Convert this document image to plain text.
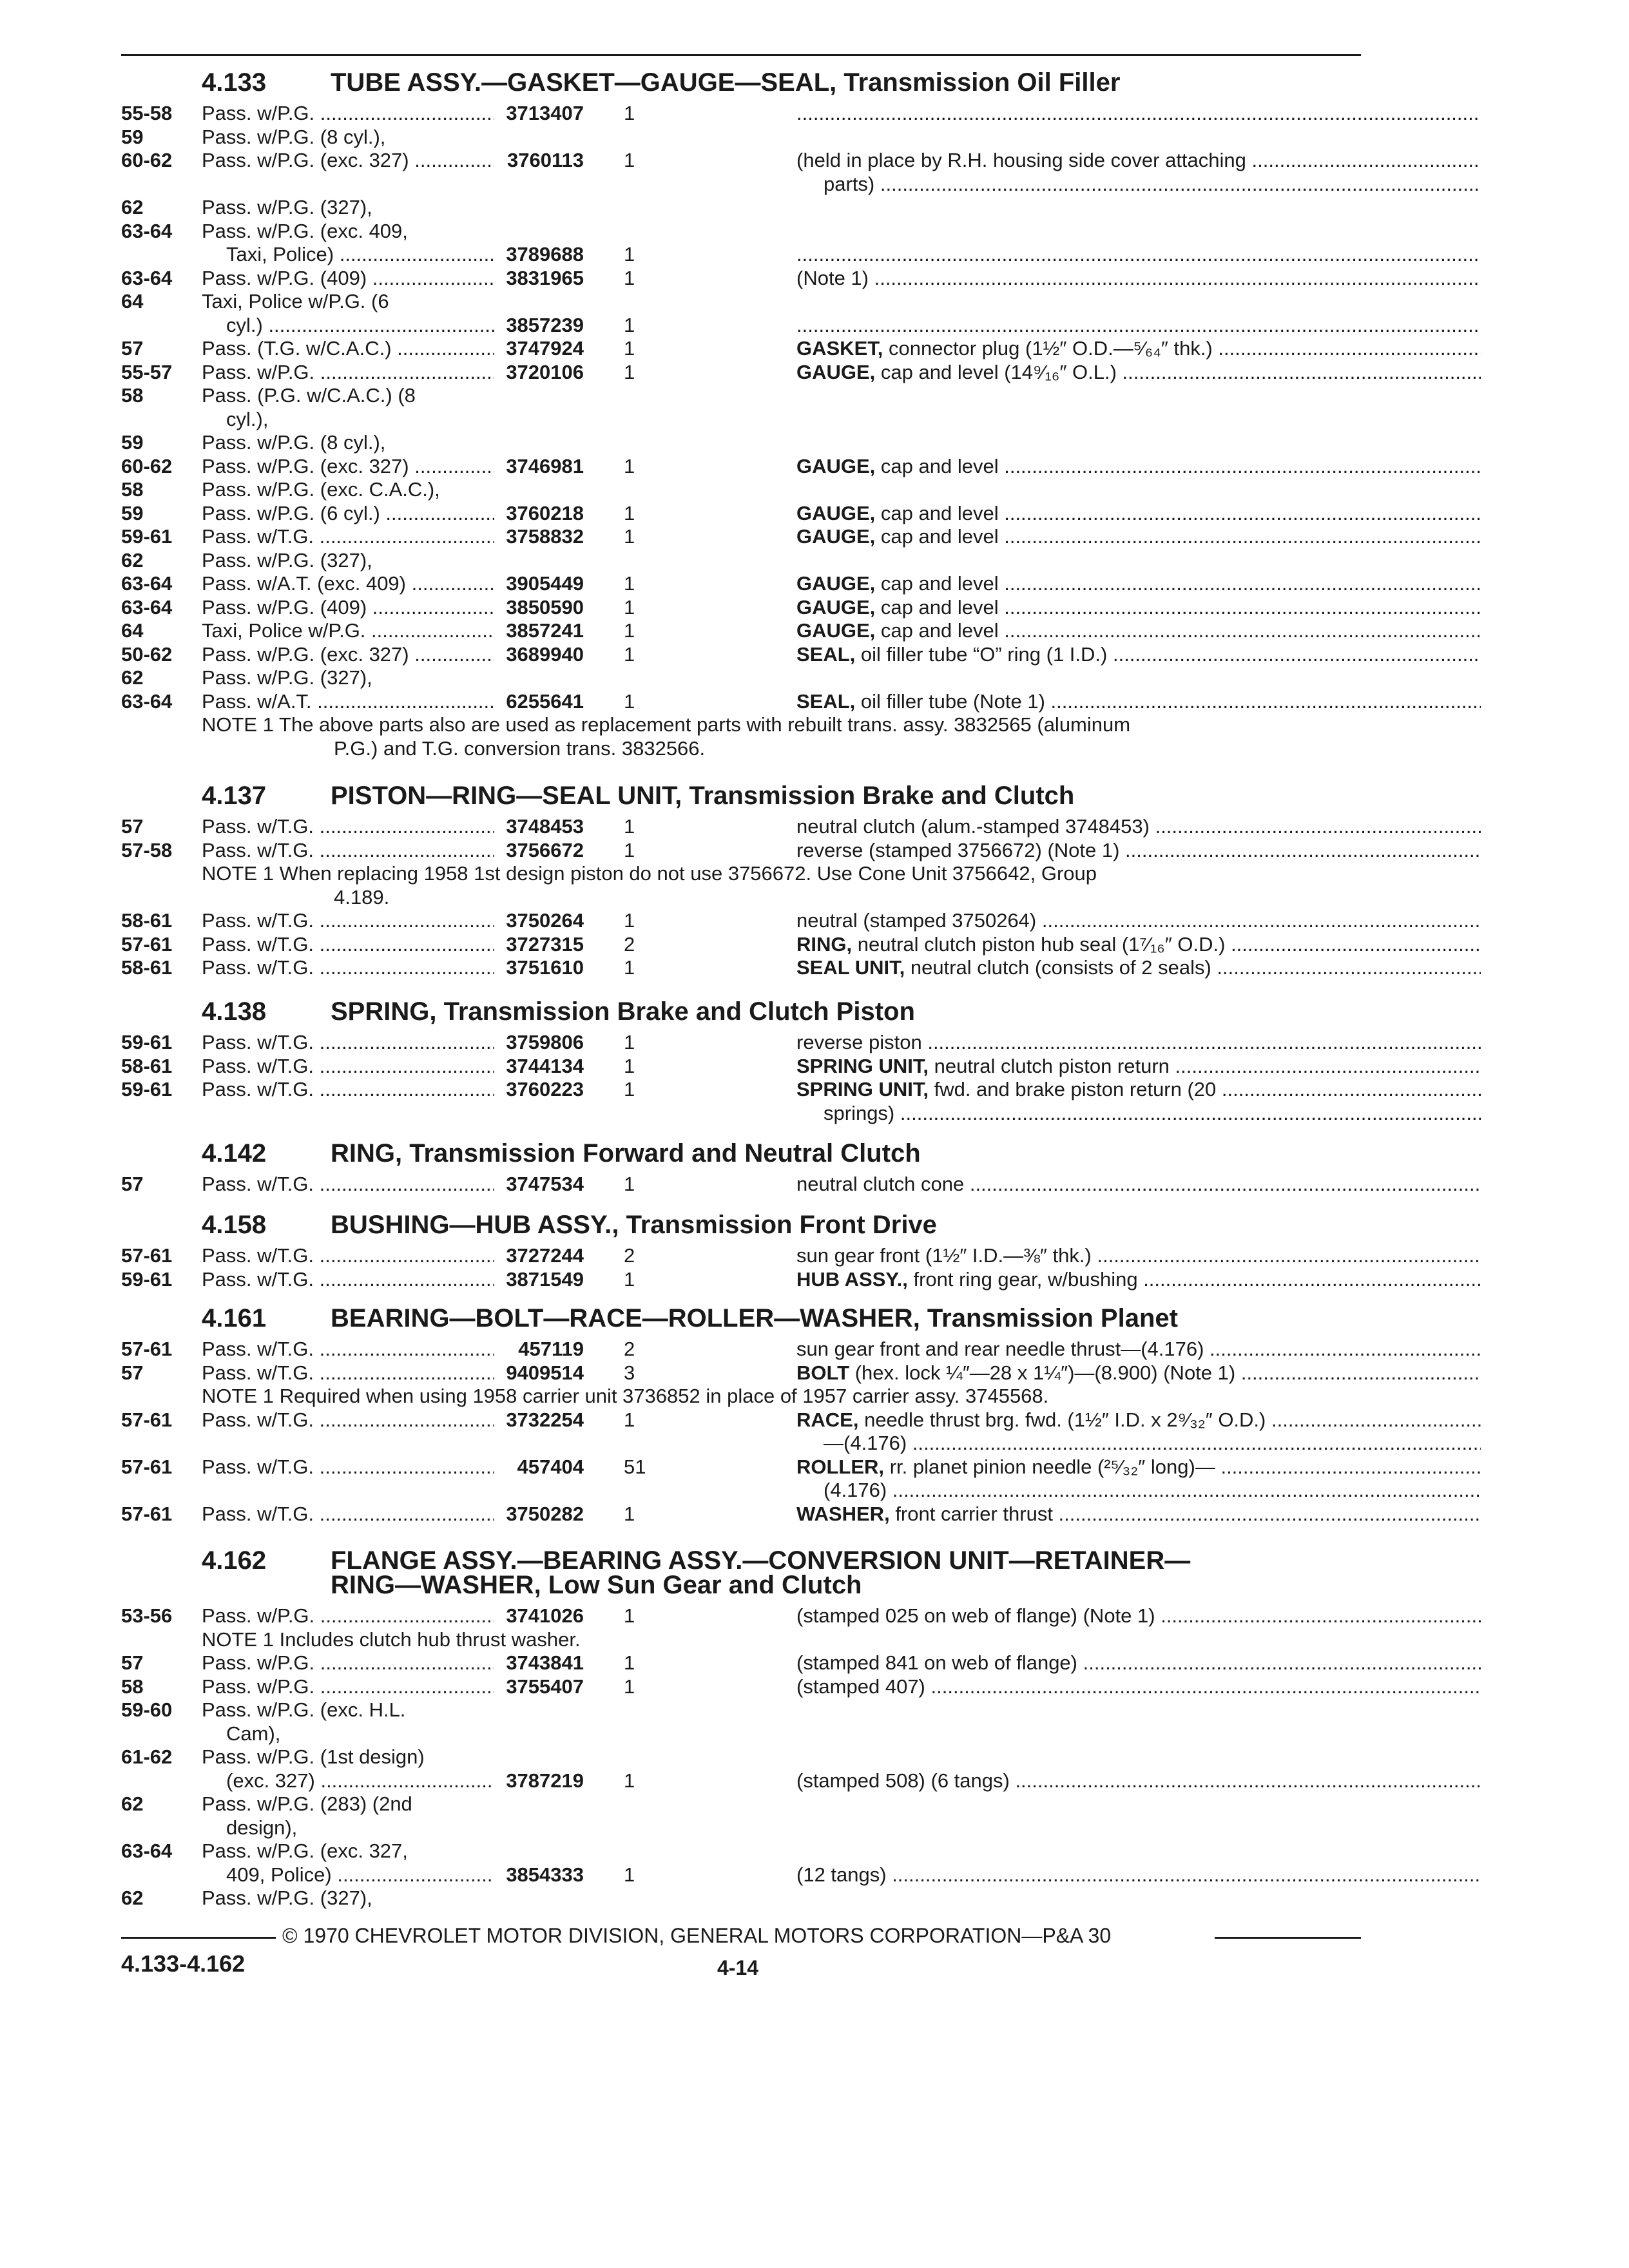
4.133 TUBE ASSY.—GASKET—GAUGE—SEAL, Transmission Oil Filler
55-58 Pass. w/P.G. .....	3713407 1
.....
59	Pass. w/P.G. (8 cyl.),
60-62 Pass. w/P.G. (exc. 327) .....	3760113 1	(held in place by R.H. housing side cover attaching .....
parts) .....
62	Pass. w/P.G. (327),
63-64 Pass. w/P.G. (exc. 409,
Taxi, Police) .....	3789688 1
.....
63-64 Pass. w/P.G. (409) .....	3831965 1	(Note 1) .....
64	Taxi, Police w/P.G. (6
cyl.) .....	3857239 1
.....
57	Pass. (T.G. w/C.A.C.) .....	3747924 1	GASKET, connector plug (1½″ O.D.—⁵⁄₆₄″ thk.) .....
55-57 Pass. w/P.G. .....	3720106 1	GAUGE, cap and level (14⁹⁄₁₆″ O.L.) .....
58	Pass. (P.G. w/C.A.C.) (8
cyl.),
59	Pass. w/P.G. (8 cyl.),
60-62 Pass. w/P.G. (exc. 327) .....	3746981 1	GAUGE, cap and level .....
58	Pass. w/P.G. (exc. C.A.C.),
59	Pass. w/P.G. (6 cyl.) .....	3760218 1	GAUGE, cap and level .....
59-61 Pass. w/T.G. .....	3758832 1	GAUGE, cap and level .....
62	Pass. w/P.G. (327),
63-64 Pass. w/A.T. (exc. 409) .....	3905449 1	GAUGE, cap and level .....
63-64 Pass. w/P.G. (409) .....	3850590 1	GAUGE, cap and level .....
64	Taxi, Police w/P.G. .....	3857241 1	GAUGE, cap and level .....
50-62 Pass. w/P.G. (exc. 327) .....	3689940 1	SEAL, oil filler tube “O” ring (1 I.D.) .....
62	Pass. w/P.G. (327),
63-64 Pass. w/A.T. .....	6255641 1	SEAL, oil filler tube (Note 1) .....
NOTE 1 The above parts also are used as replacement parts with rebuilt trans. assy. 3832565 (aluminum
P.G.) and T.G. conversion trans. 3832566.
4.137 PISTON—RING—SEAL UNIT, Transmission Brake and Clutch
57	Pass. w/T.G. .....	3748453 1	neutral clutch (alum.-stamped 3748453) .....
57-58 Pass. w/T.G. .....	3756672 1	reverse (stamped 3756672) (Note 1) .....
NOTE 1 When replacing 1958 1st design piston do not use 3756672. Use Cone Unit 3756642, Group
4.189.
58-61 Pass. w/T.G. .....	3750264 1	neutral (stamped 3750264) .....
57-61 Pass. w/T.G. .....	3727315 2	RING, neutral clutch piston hub seal (1⁷⁄₁₆″ O.D.) .....
58-61 Pass. w/T.G. .....	3751610 1	SEAL UNIT, neutral clutch (consists of 2 seals) .....
4.138 SPRING, Transmission Brake and Clutch Piston
59-61 Pass. w/T.G. .....	3759806 1	reverse piston .....
58-61 Pass. w/T.G. .....	3744134 1	SPRING UNIT, neutral clutch piston return .....
59-61 Pass. w/T.G. .....	3760223 1	SPRING UNIT, fwd. and brake piston return (20 .....
springs) .....
4.142 RING, Transmission Forward and Neutral Clutch
57	Pass. w/T.G. .....	3747534 1	neutral clutch cone .....
4.158 BUSHING—HUB ASSY., Transmission Front Drive
57-61 Pass. w/T.G. .....	3727244 2	sun gear front (1½″ I.D.—⅜″ thk.) .....
59-61 Pass. w/T.G. .....	3871549 1	HUB ASSY., front ring gear, w/bushing .....
4.161 BEARING—BOLT—RACE—ROLLER—WASHER, Transmission Planet
57-61 Pass. w/T.G. .....	457119 2	sun gear front and rear needle thrust—(4.176) .....
57	Pass. w/T.G. .....	9409514 3	BOLT (hex. lock ¼″—28 x 1¼″)—(8.900) (Note 1) .....
NOTE 1 Required when using 1958 carrier unit 3736852 in place of 1957 carrier assy. 3745568.
57-61 Pass. w/T.G. .....	3732254 1	RACE, needle thrust brg. fwd. (1½″ I.D. x 2⁹⁄₃₂″ O.D.) .....
—(4.176) .....
57-61 Pass. w/T.G. .....	457404 51	ROLLER, rr. planet pinion needle (²⁵⁄₃₂″ long)— .....
(4.176) .....
57-61 Pass. w/T.G. .....	3750282 1	WASHER, front carrier thrust .....
4.162 FLANGE ASSY.—BEARING ASSY.—CONVERSION UNIT—RETAINER—
RING—WASHER, Low Sun Gear and Clutch
53-56 Pass. w/P.G. .....	3741026 1	(stamped 025 on web of flange) (Note 1) .....
NOTE 1 Includes clutch hub thrust washer.
57	Pass. w/P.G. .....	3743841 1	(stamped 841 on web of flange) .....
58	Pass. w/P.G. .....	3755407 1	(stamped 407) .....
59-60 Pass. w/P.G. (exc. H.L.
Cam),
61-62 Pass. w/P.G. (1st design)
(exc. 327) .....	3787219 1	(stamped 508) (6 tangs) .....
62	Pass. w/P.G. (283) (2nd
design),
63-64 Pass. w/P.G. (exc. 327,
409, Police) .....	3854333 1	(12 tangs) .....
62	Pass. w/P.G. (327),
© 1970 CHEVROLET MOTOR DIVISION, GENERAL MOTORS CORPORATION—P&A 30
4.133-4.162	4-14
